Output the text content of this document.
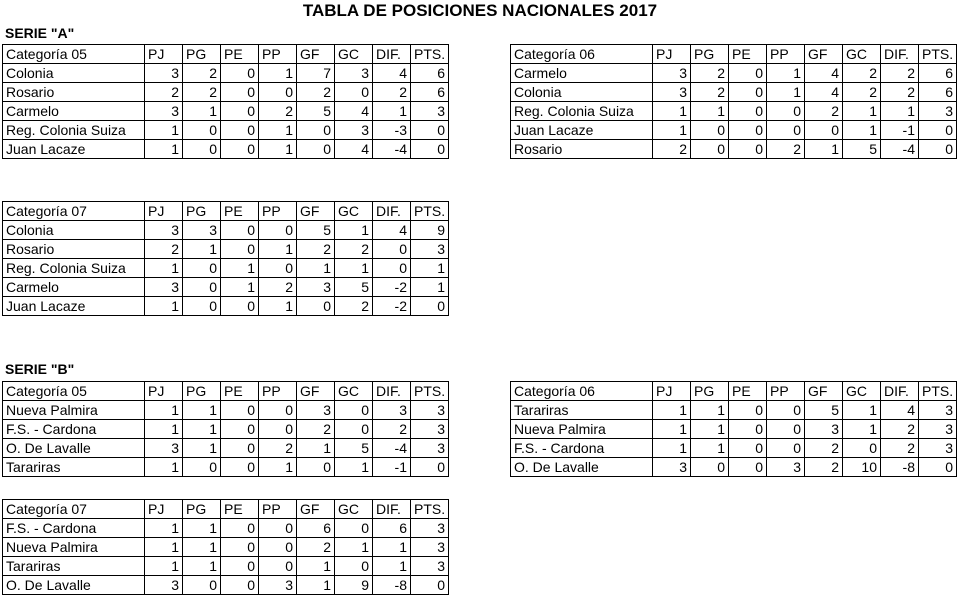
TABLA DE POSICIONES NACIONALES 2017
SERIE "A"
SERIE "B"
Categoría 05	PJ	PG	PE	PP	GF	GC	DIF.	PTS.
Colonia	3	2	0	1	7	3	4	6
Rosario	2	2	0	0	2	0	2	6
Carmelo	3	1	0	2	5	4	1	3
Reg. Colonia Suiza	1	0	0	1	0	3	-3	0
Juan Lacaze	1	0	0	1	0	4	-4	0
Categoría 06	PJ	PG	PE	PP	GF	GC	DIF.	PTS.
Carmelo	3	2	0	1	4	2	2	6
Colonia	3	2	0	1	4	2	2	6
Reg. Colonia Suiza	1	1	0	0	2	1	1	3
Juan Lacaze	1	0	0	0	0	1	-1	0
Rosario	2	0	0	2	1	5	-4	0
Categoría 07	PJ	PG	PE	PP	GF	GC	DIF.	PTS.
Colonia	3	3	0	0	5	1	4	9
Rosario	2	1	0	1	2	2	0	3
Reg. Colonia Suiza	1	0	1	0	1	1	0	1
Carmelo	3	0	1	2	3	5	-2	1
Juan Lacaze	1	0	0	1	0	2	-2	0
Categoría 05	PJ	PG	PE	PP	GF	GC	DIF.	PTS.
Nueva Palmira	1	1	0	0	3	0	3	3
F.S. - Cardona	1	1	0	0	2	0	2	3
O. De Lavalle	3	1	0	2	1	5	-4	3
Tarariras	1	0	0	1	0	1	-1	0
Categoría 06	PJ	PG	PE	PP	GF	GC	DIF.	PTS.
Tarariras	1	1	0	0	5	1	4	3
Nueva Palmira	1	1	0	0	3	1	2	3
F.S. - Cardona	1	1	0	0	2	0	2	3
O. De Lavalle	3	0	0	3	2	10	-8	0
Categoría 07	PJ	PG	PE	PP	GF	GC	DIF.	PTS.
F.S. - Cardona	1	1	0	0	6	0	6	3
Nueva Palmira	1	1	0	0	2	1	1	3
Tarariras	1	1	0	0	1	0	1	3
O. De Lavalle	3	0	0	3	1	9	-8	0
